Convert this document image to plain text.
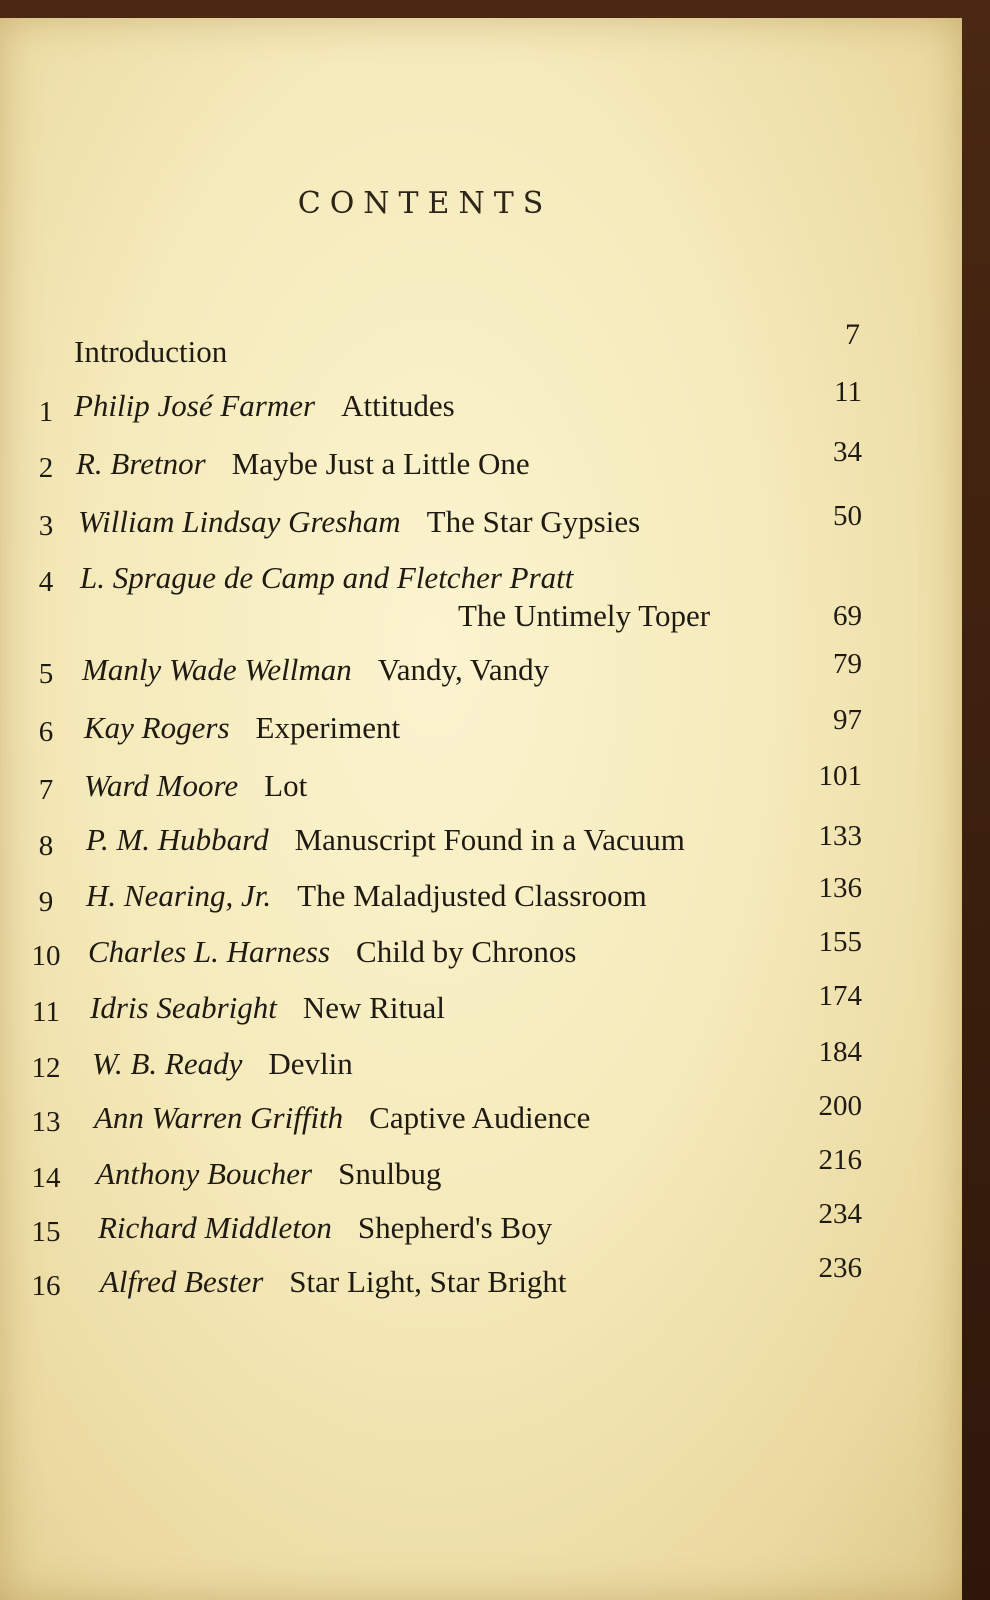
CONTENTS
Introduction	7
1 Philip José Farmer Attitudes	11
2 R. Bretnor Maybe Just a Little One	34
3 William Lindsay Gresham The Star Gypsies	50
4 L. Sprague de Camp and Fletcher Pratt
The Untimely Toper	69
5 Manly Wade Wellman Vandy, Vandy	79
6 Kay Rogers Experiment	97
7 Ward Moore Lot	101
8	P. M. Hubbard Manuscript Found in a Vacuum	133
9	H. Nearing, Jr. The Maladjusted Classroom	136
10 Charles L. Harness Child by Chronos	155
11 Idris Seabright New Ritual	174
12 W. B. Ready Devlin	184
13 Ann Warren Griffith Captive Audience	200
14 Anthony Boucher Snulbug	216
15 Richard Middleton Shepherd's Boy	234
16 Alfred Bester Star Light, Star Bright	236
